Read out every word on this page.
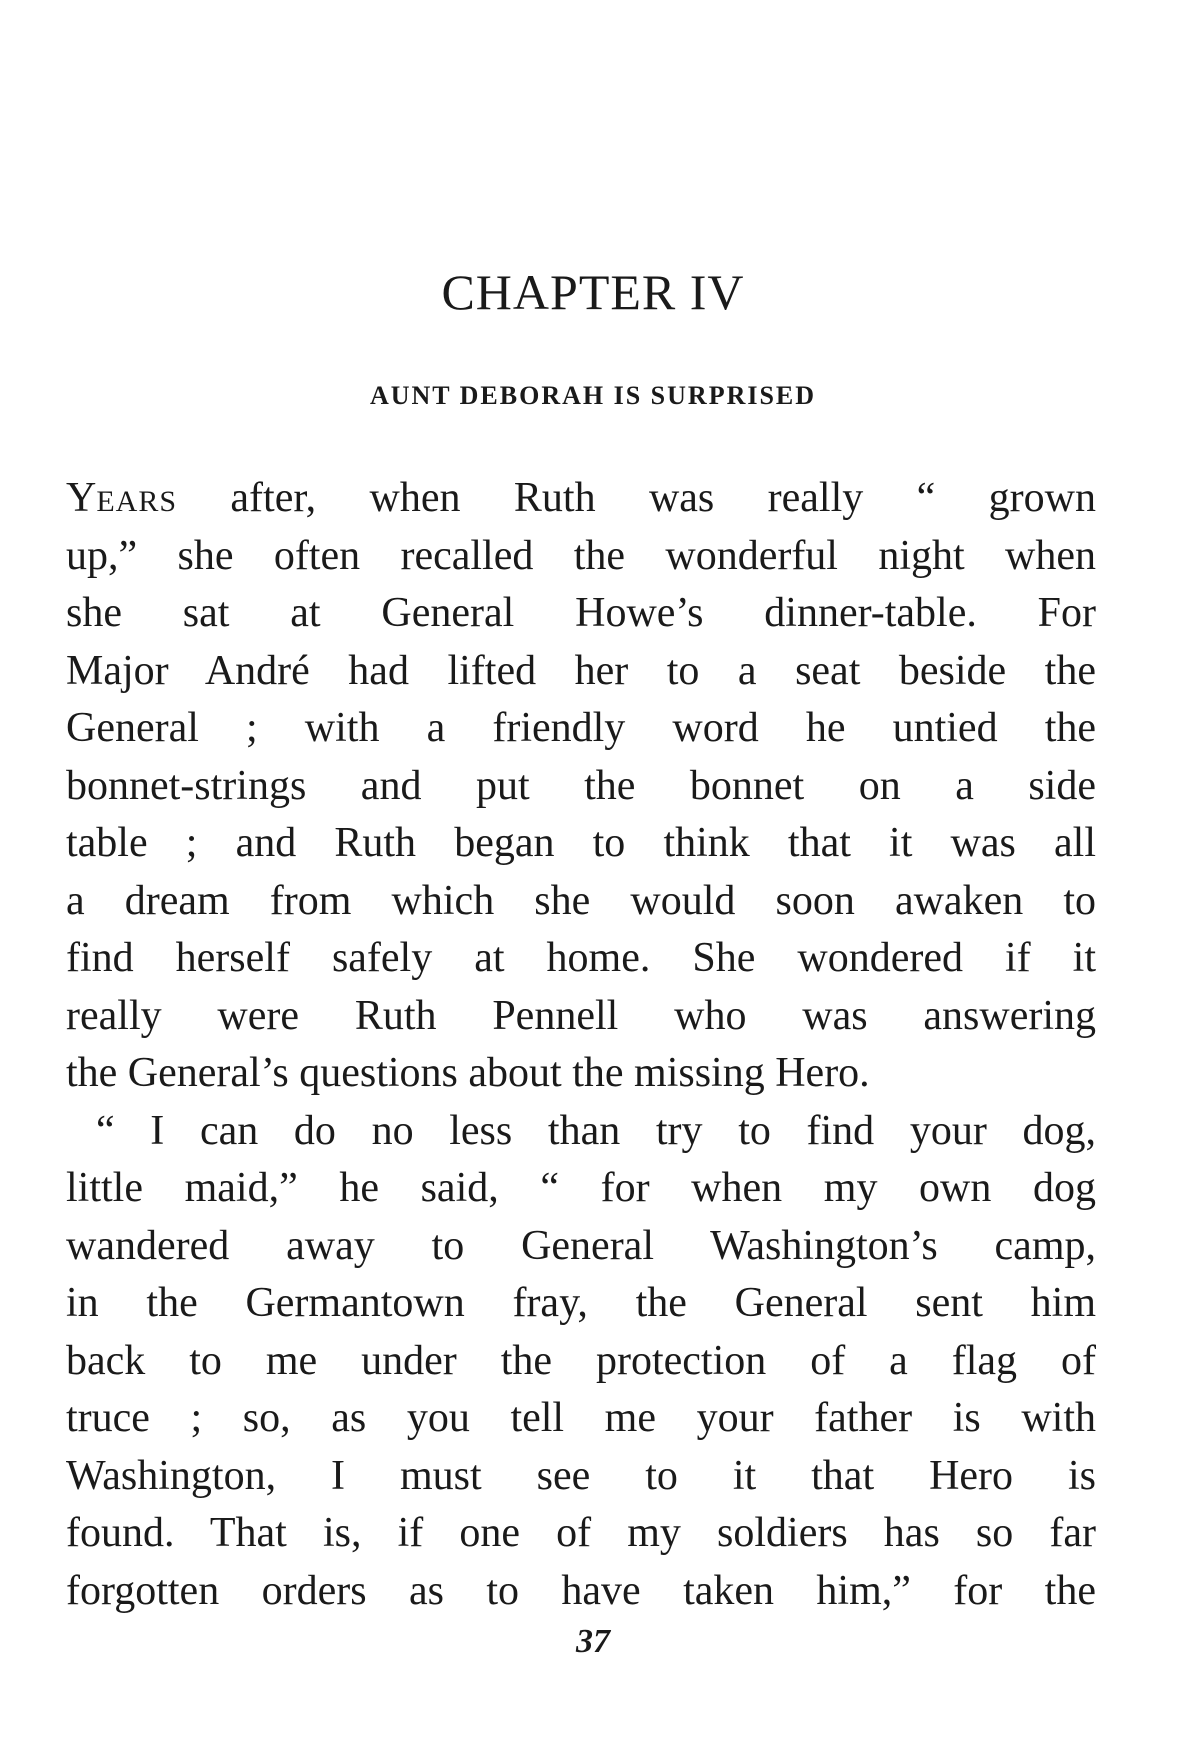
CHAPTER IV
AUNT DEBORAH IS SURPRISED
YEARS after, when Ruth was really “ grown
up,” she often recalled the wonderful night when
she sat at General Howe’s dinner-table. For
Major André had lifted her to a seat beside the
General ; with a friendly word he untied the
bonnet-strings and put the bonnet on a side
table ; and Ruth began to think that it was all
a dream from which she would soon awaken to
find herself safely at home. She wondered if it
really were Ruth Pennell who was answering
the General’s questions about the missing Hero.
“ I can do no less than try to find your dog,
little maid,” he said, “ for when my own dog
wandered away to General Washington’s camp,
in the Germantown fray, the General sent him
back to me under the protection of a flag of
truce ; so, as you tell me your father is with
Washington, I must see to it that Hero is
found. That is, if one of my soldiers has so far
forgotten orders as to have taken him,” for the
37
